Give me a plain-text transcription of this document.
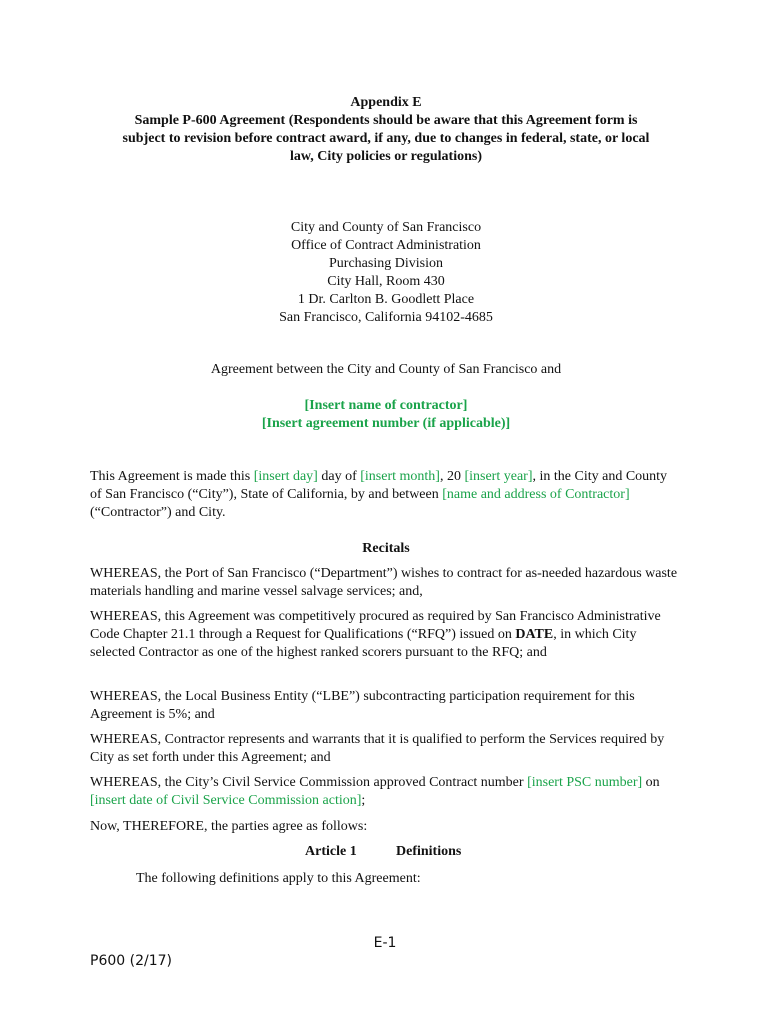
Appendix E
Sample P-600 Agreement (Respondents should be aware that this Agreement form is
subject to revision before contract award, if any, due to changes in federal, state, or local
law, City policies or regulations)
City and County of San Francisco
Office of Contract Administration
Purchasing Division
City Hall, Room 430
1 Dr. Carlton B. Goodlett Place
San Francisco, California 94102-4685
Agreement between the City and County of San Francisco and
[Insert name of contractor]
[Insert agreement number (if applicable)]

This Agreement is made this [insert day] day of [insert month], 20 [insert year], in the City and County of San Francisco (“City”), State of California, by and between [name and address of Contractor] (“Contractor”) and City.

Recitals

WHEREAS, the Port of San Francisco (“Department”) wishes to contract for as-needed hazardous waste materials handling and marine vessel salvage services; and,

WHEREAS, this Agreement was competitively procured as required by San Francisco Administrative Code Chapter 21.1 through a Request for Qualifications (“RFQ”) issued on DATE, in which City selected Contractor as one of the highest ranked scorers pursuant to the RFQ; and

WHEREAS, the Local Business Entity (“LBE”) subcontracting participation requirement for this Agreement is 5%; and

WHEREAS, Contractor represents and warrants that it is qualified to perform the Services required by City as set forth under this Agreement; and

WHEREAS, the City’s Civil Service Commission approved Contract number [insert PSC number] on [insert date of Civil Service Commission action];

Now, THEREFORE, the parties agree as follows:
Article 1	Definitions
The following definitions apply to this Agreement:
E-1
P600 (2/17)
